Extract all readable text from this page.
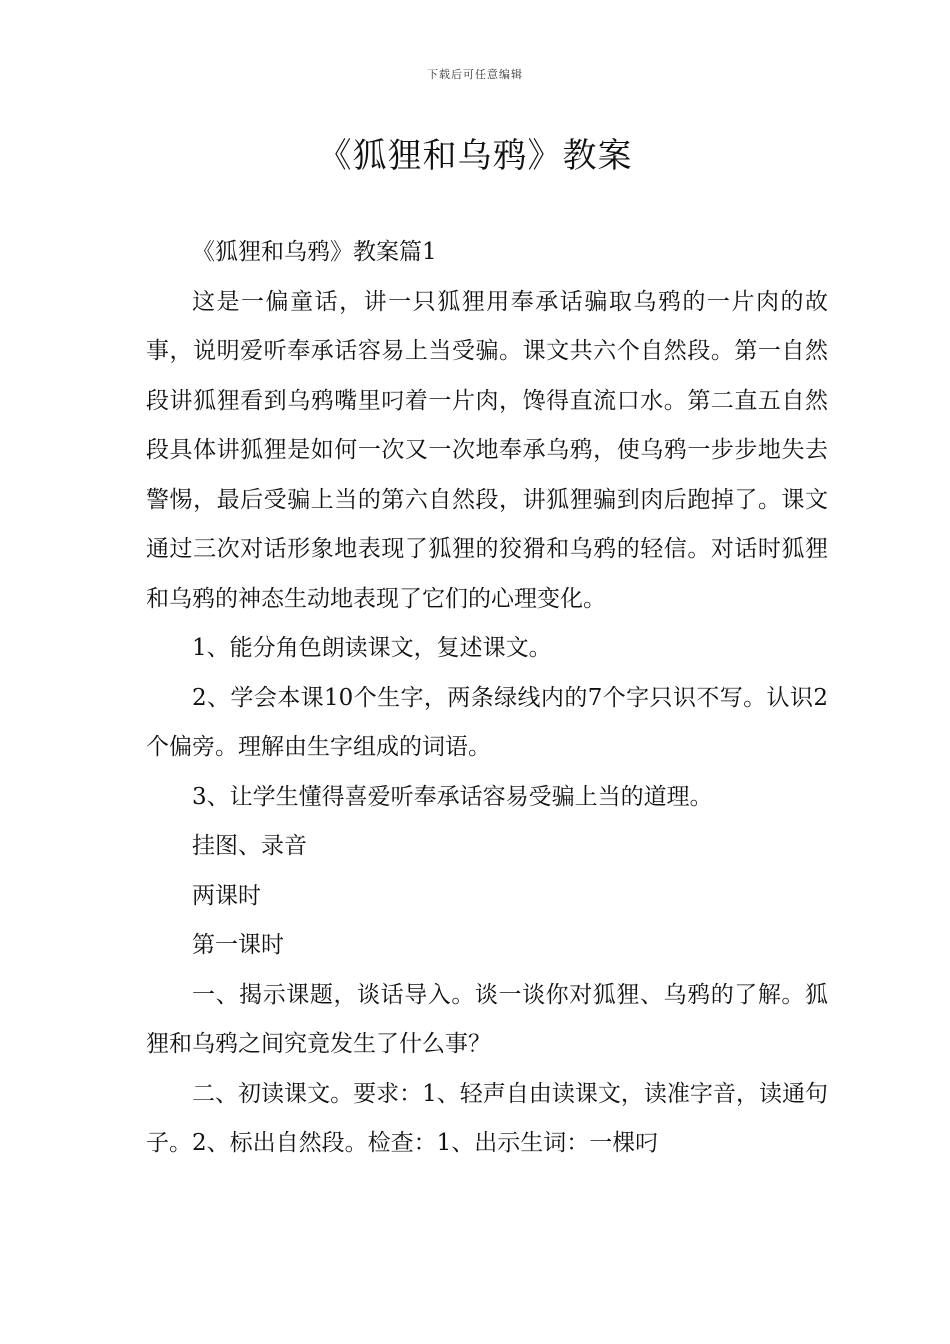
下载后可任意编辑
《狐狸和乌鸦》教案

《狐狸和乌鸦》教案篇1

这是一偏童话，讲一只狐狸用奉承话骗取乌鸦的一片肉的故事，说明爱听奉承话容易上当受骗。课文共六个自然段。第一自然段讲狐狸看到乌鸦嘴里叼着一片肉，馋得直流口水。第二直五自然段具体讲狐狸是如何一次又一次地奉承乌鸦，使乌鸦一步步地失去警惕，最后受骗上当的第六自然段，讲狐狸骗到肉后跑掉了。课文通过三次对话形象地表现了狐狸的狡猾和乌鸦的轻信。对话时狐狸和乌鸦的神态生动地表现了它们的心理变化。

1、能分角色朗读课文，复述课文。

2、学会本课10个生字，两条绿线内的7个字只识不写。认识2个偏旁。理解由生字组成的词语。

3、让学生懂得喜爱听奉承话容易受骗上当的道理。

挂图、录音

两课时

第一课时

一、揭示课题，谈话导入。谈一谈你对狐狸、乌鸦的了解。狐狸和乌鸦之间究竟发生了什么事？

二、初读课文。要求：1、轻声自由读课文，读准字音，读通句子。2、标出自然段。检查：1、出示生词：一棵叼
